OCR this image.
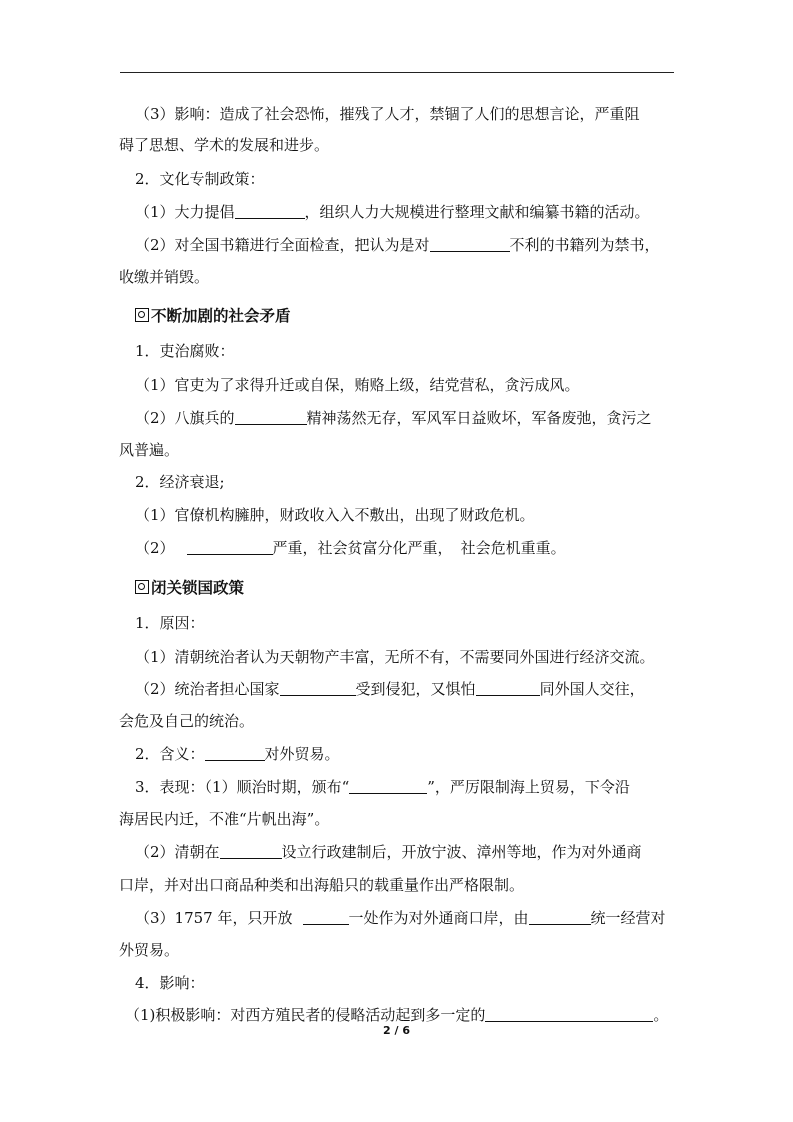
（3）影响：造成了社会恐怖，摧残了人才，禁锢了人们的思想言论，严重阻
碍了思想、学术的发展和进步。
2．文化专制政策：
（1）大力提倡	，组织人力大规模进行整理文献和编纂书籍的活动。
（2）对全国书籍进行全面检查，把认为是对	不利的书籍列为禁书，
收缴并销毁。
不断加剧的社会矛盾
1．吏治腐败：
（1）官吏为了求得升迁或自保，贿赂上级，结党营私，贪污成风。
（2）八旗兵的	精神荡然无存，军风军日益败坏，军备废弛，贪污之
风普遍。
2．经济衰退;
（1）官僚机构臃肿，财政收入入不敷出，出现了财政危机。
（2）	严重，社会贫富分化严重， 社会危机重重。
闭关锁国政策
1．原因：
（1）清朝统治者认为天朝物产丰富，无所不有，不需要同外国进行经济交流。
（2）统治者担心国家	受到侵犯，又惧怕	同外国人交往，
会危及自己的统治。
2．含义：	对外贸易。
3．表现：（1）顺治时期，颁布“	”，严厉限制海上贸易，下令沿
海居民内迁，不准“片帆出海”。
（2）清朝在	设立行政建制后，开放宁波、漳州等地，作为对外通商
口岸，并对出口商品种类和出海船只的载重量作出严格限制。
（3）1757 年，只开放	一处作为对外通商口岸，由	统一经营对
外贸易。
4．影响：
（1)积极影响：对西方殖民者的侵略活动起到多一定的	。
2 / 6
